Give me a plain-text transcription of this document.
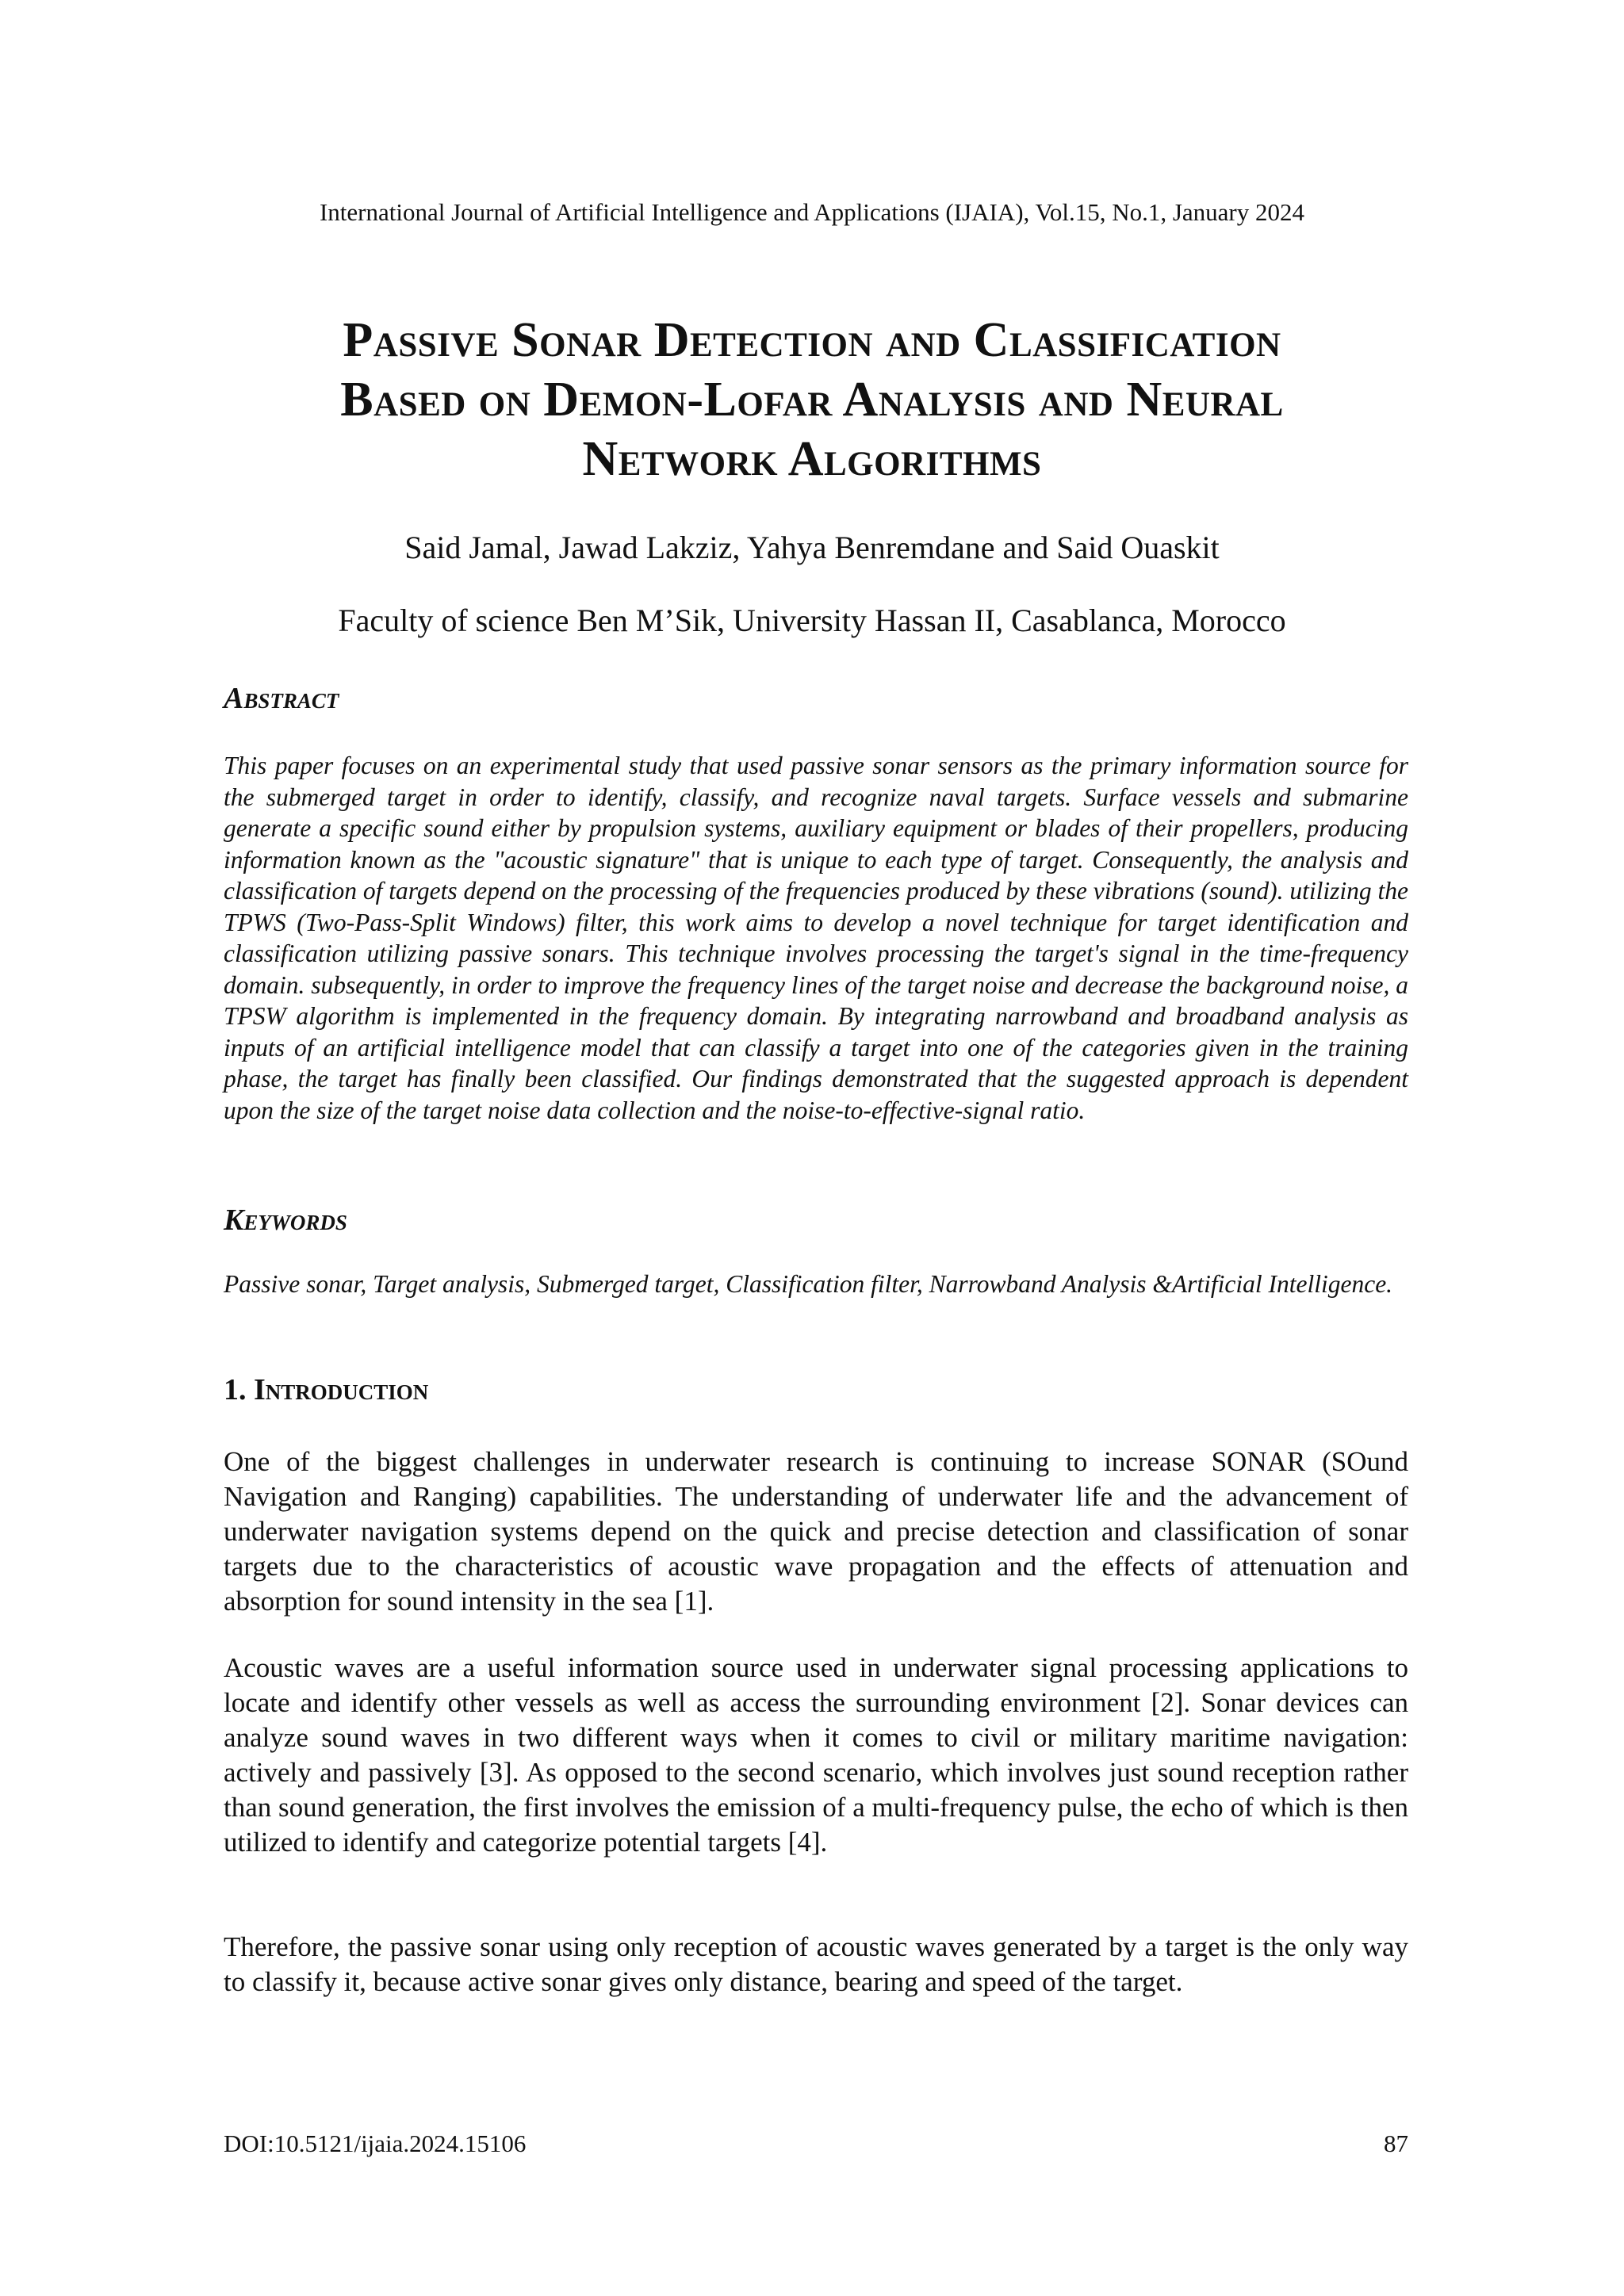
International Journal of Artificial Intelligence and Applications (IJAIA), Vol.15, No.1, January 2024
Passive Sonar Detection and Classification
Based on Demon-Lofar Analysis and Neural
Network Algorithms
Said Jamal, Jawad Lakziz, Yahya Benremdane and Said Ouaskit
Faculty of science Ben M’Sik, University Hassan II, Casablanca, Morocco
Abstract
This paper focuses on an experimental study that used passive sonar sensors as the primary information source for the submerged target in order to identify, classify, and recognize naval targets. Surface vessels and submarine generate a specific sound either by propulsion systems, auxiliary equipment or blades of their propellers, producing information known as the "acoustic signature" that is unique to each type of target. Consequently, the analysis and classification of targets depend on the processing of the frequencies produced by these vibrations (sound). utilizing the TPWS (Two-Pass-Split Windows) filter, this work aims to develop a novel technique for target identification and classification utilizing passive sonars. This technique involves processing the target's signal in the time-frequency domain. subsequently, in order to improve the frequency lines of the target noise and decrease the background noise, a TPSW algorithm is implemented in the frequency domain. By integrating narrowband and broadband analysis as inputs of an artificial intelligence model that can classify a target into one of the categories given in the training phase, the target has finally been classified. Our findings demonstrated that the suggested approach is dependent upon the size of the target noise data collection and the noise-to-effective-signal ratio.
Keywords
Passive sonar, Target analysis, Submerged target, Classification filter, Narrowband Analysis &Artificial Intelligence.
1. Introduction
One of the biggest challenges in underwater research is continuing to increase SONAR (SOund Navigation and Ranging) capabilities. The understanding of underwater life and the advancement of underwater navigation systems depend on the quick and precise detection and classification of sonar targets due to the characteristics of acoustic wave propagation and the effects of attenuation and absorption for sound intensity in the sea [1].
Acoustic waves are a useful information source used in underwater signal processing applications to locate and identify other vessels as well as access the surrounding environment [2]. Sonar devices can analyze sound waves in two different ways when it comes to civil or military maritime navigation: actively and passively [3]. As opposed to the second scenario, which involves just sound reception rather than sound generation, the first involves the emission of a multi-frequency pulse, the echo of which is then utilized to identify and categorize potential targets [4].
Therefore, the passive sonar using only reception of acoustic waves generated by a target is the only way to classify it, because active sonar gives only distance, bearing and speed of the target.
DOI:10.5121/ijaia.2024.15106	87
